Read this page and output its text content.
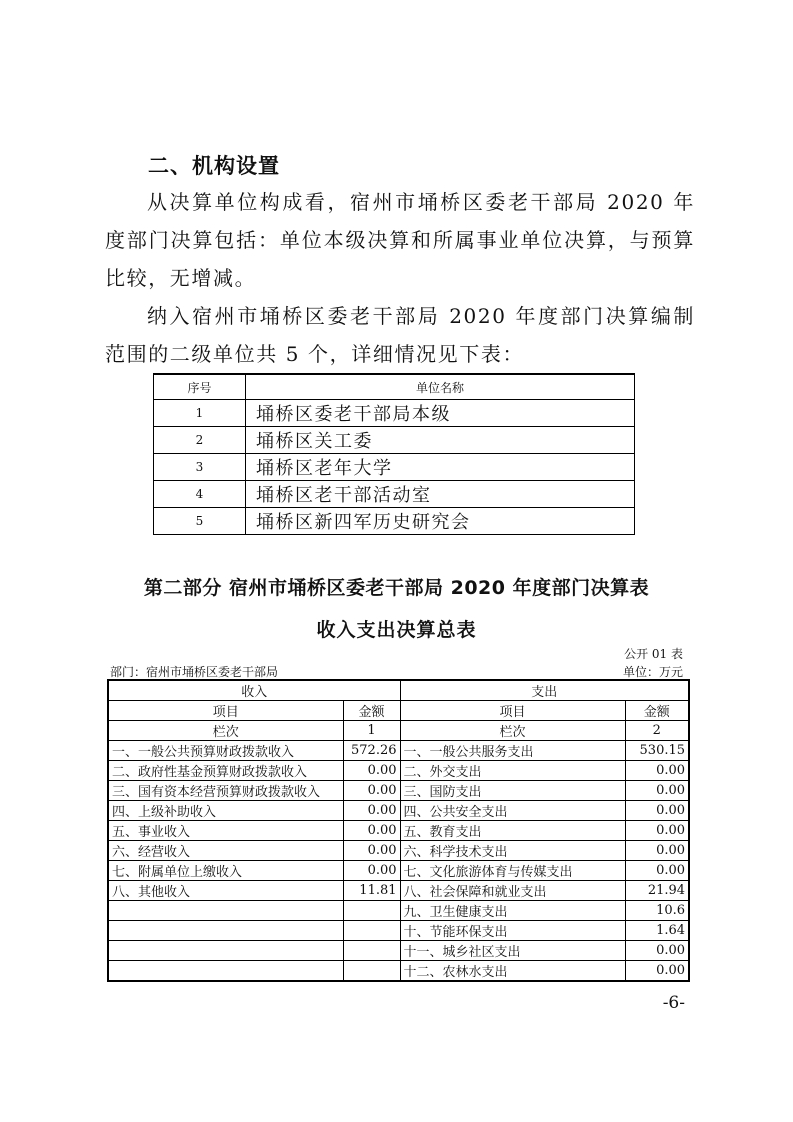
二、机构设置

从决算单位构成看，宿州市埇桥区委老干部局 2020 年度部门决算包括：单位本级决算和所属事业单位决算，与预算比较，无增减。

纳入宿州市埇桥区委老干部局 2020 年度部门决算编制范围的二级单位共 5 个，详细情况见下表：

序号	单位名称
1	埇桥区委老干部局本级
2	埇桥区关工委
3	埇桥区老年大学
4	埇桥区老干部活动室
5	埇桥区新四军历史研究会
第二部分 宿州市埇桥区委老干部局 2020 年度部门决算表
收入支出决算总表
公开 01 表
部门：宿州市埇桥区委老干部局	单位：万元
收入		支出	
项目	金额	项目	金额
栏次	1	栏次	2
一、一般公共预算财政拨款收入	572.26	一、一般公共服务支出	530.15
二、政府性基金预算财政拨款收入	0.00	二、外交支出	0.00
三、国有资本经营预算财政拨款收入	0.00	三、国防支出	0.00
四、上级补助收入	0.00	四、公共安全支出	0.00
五、事业收入	0.00	五、教育支出	0.00
六、经营收入	0.00	六、科学技术支出	0.00
七、附属单位上缴收入	0.00	七、文化旅游体育与传媒支出	0.00
八、其他收入	11.81	八、社会保障和就业支出	21.94
		九、卫生健康支出	10.6
		十、节能环保支出	1.64
		十一、城乡社区支出	0.00
		十二、农林水支出	0.00
-6-
